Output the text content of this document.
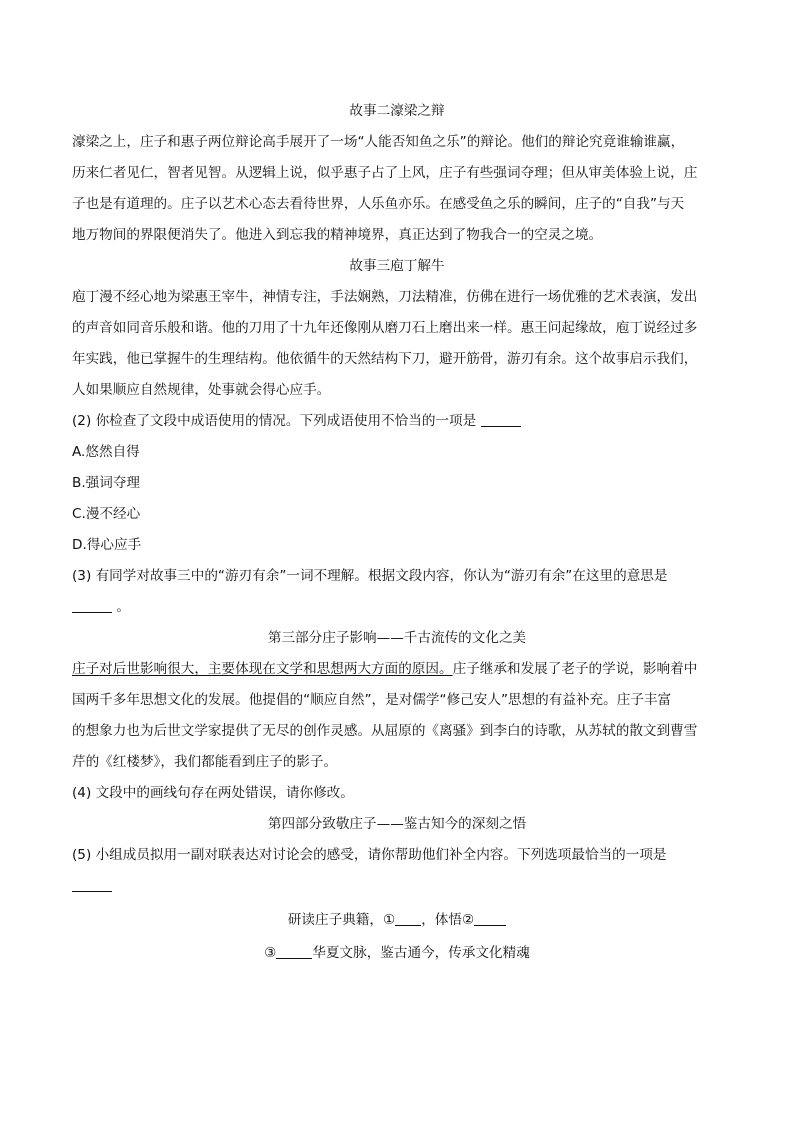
故事二濠梁之辩

濠梁之上，庄子和惠子两位辩论高手展开了一场“人能否知鱼之乐”的辩论。他们的辩论究竟谁输谁赢，

历来仁者见仁，智者见智。从逻辑上说，似乎惠子占了上风，庄子有些强词夺理；但从审美体验上说，庄

子也是有道理的。庄子以艺术心态去看待世界，人乐鱼亦乐。在感受鱼之乐的瞬间，庄子的“自我”与天

地万物间的界限便消失了。他进入到忘我的精神境界，真正达到了物我合一的空灵之境。

故事三庖丁解牛

庖丁漫不经心地为梁惠王宰牛，神情专注，手法娴熟，刀法精准，仿佛在进行一场优雅的艺术表演，发出

的声音如同音乐般和谐。他的刀用了十九年还像刚从磨刀石上磨出来一样。惠王问起缘故，庖丁说经过多

年实践，他已掌握牛的生理结构。他依循牛的天然结构下刀，避开筋骨，游刃有余。这个故事启示我们，

人如果顺应自然规律，处事就会得心应手。

(2) 你检查了文段中成语使用的情况。下列成语使用不恰当的一项是

A.悠然自得

B.强词夺理

C.漫不经心

D.得心应手

(3) 有同学对故事三中的“游刃有余”一词不理解。根据文段内容，你认为“游刃有余”在这里的意思是

。

第三部分庄子影响——千古流传的文化之美

庄子对后世影响很大，主要体现在文学和思想两大方面的原因。庄子继承和发展了老子的学说，影响着中

国两千多年思想文化的发展。他提倡的“顺应自然”，是对儒学“修己安人”思想的有益补充。庄子丰富

的想象力也为后世文学家提供了无尽的创作灵感。从屈原的《离骚》到李白的诗歌，从苏轼的散文到曹雪

芹的《红楼梦》，我们都能看到庄子的影子。

(4) 文段中的画线句存在两处错误，请你修改。

第四部分致敬庄子——鉴古知今的深刻之悟

(5) 小组成员拟用一副对联表达对讨论会的感受，请你帮助他们补全内容。下列选项最恰当的一项是

研读庄子典籍，① ，体悟②
③	华夏文脉，鉴古通今，传承文化精魂
